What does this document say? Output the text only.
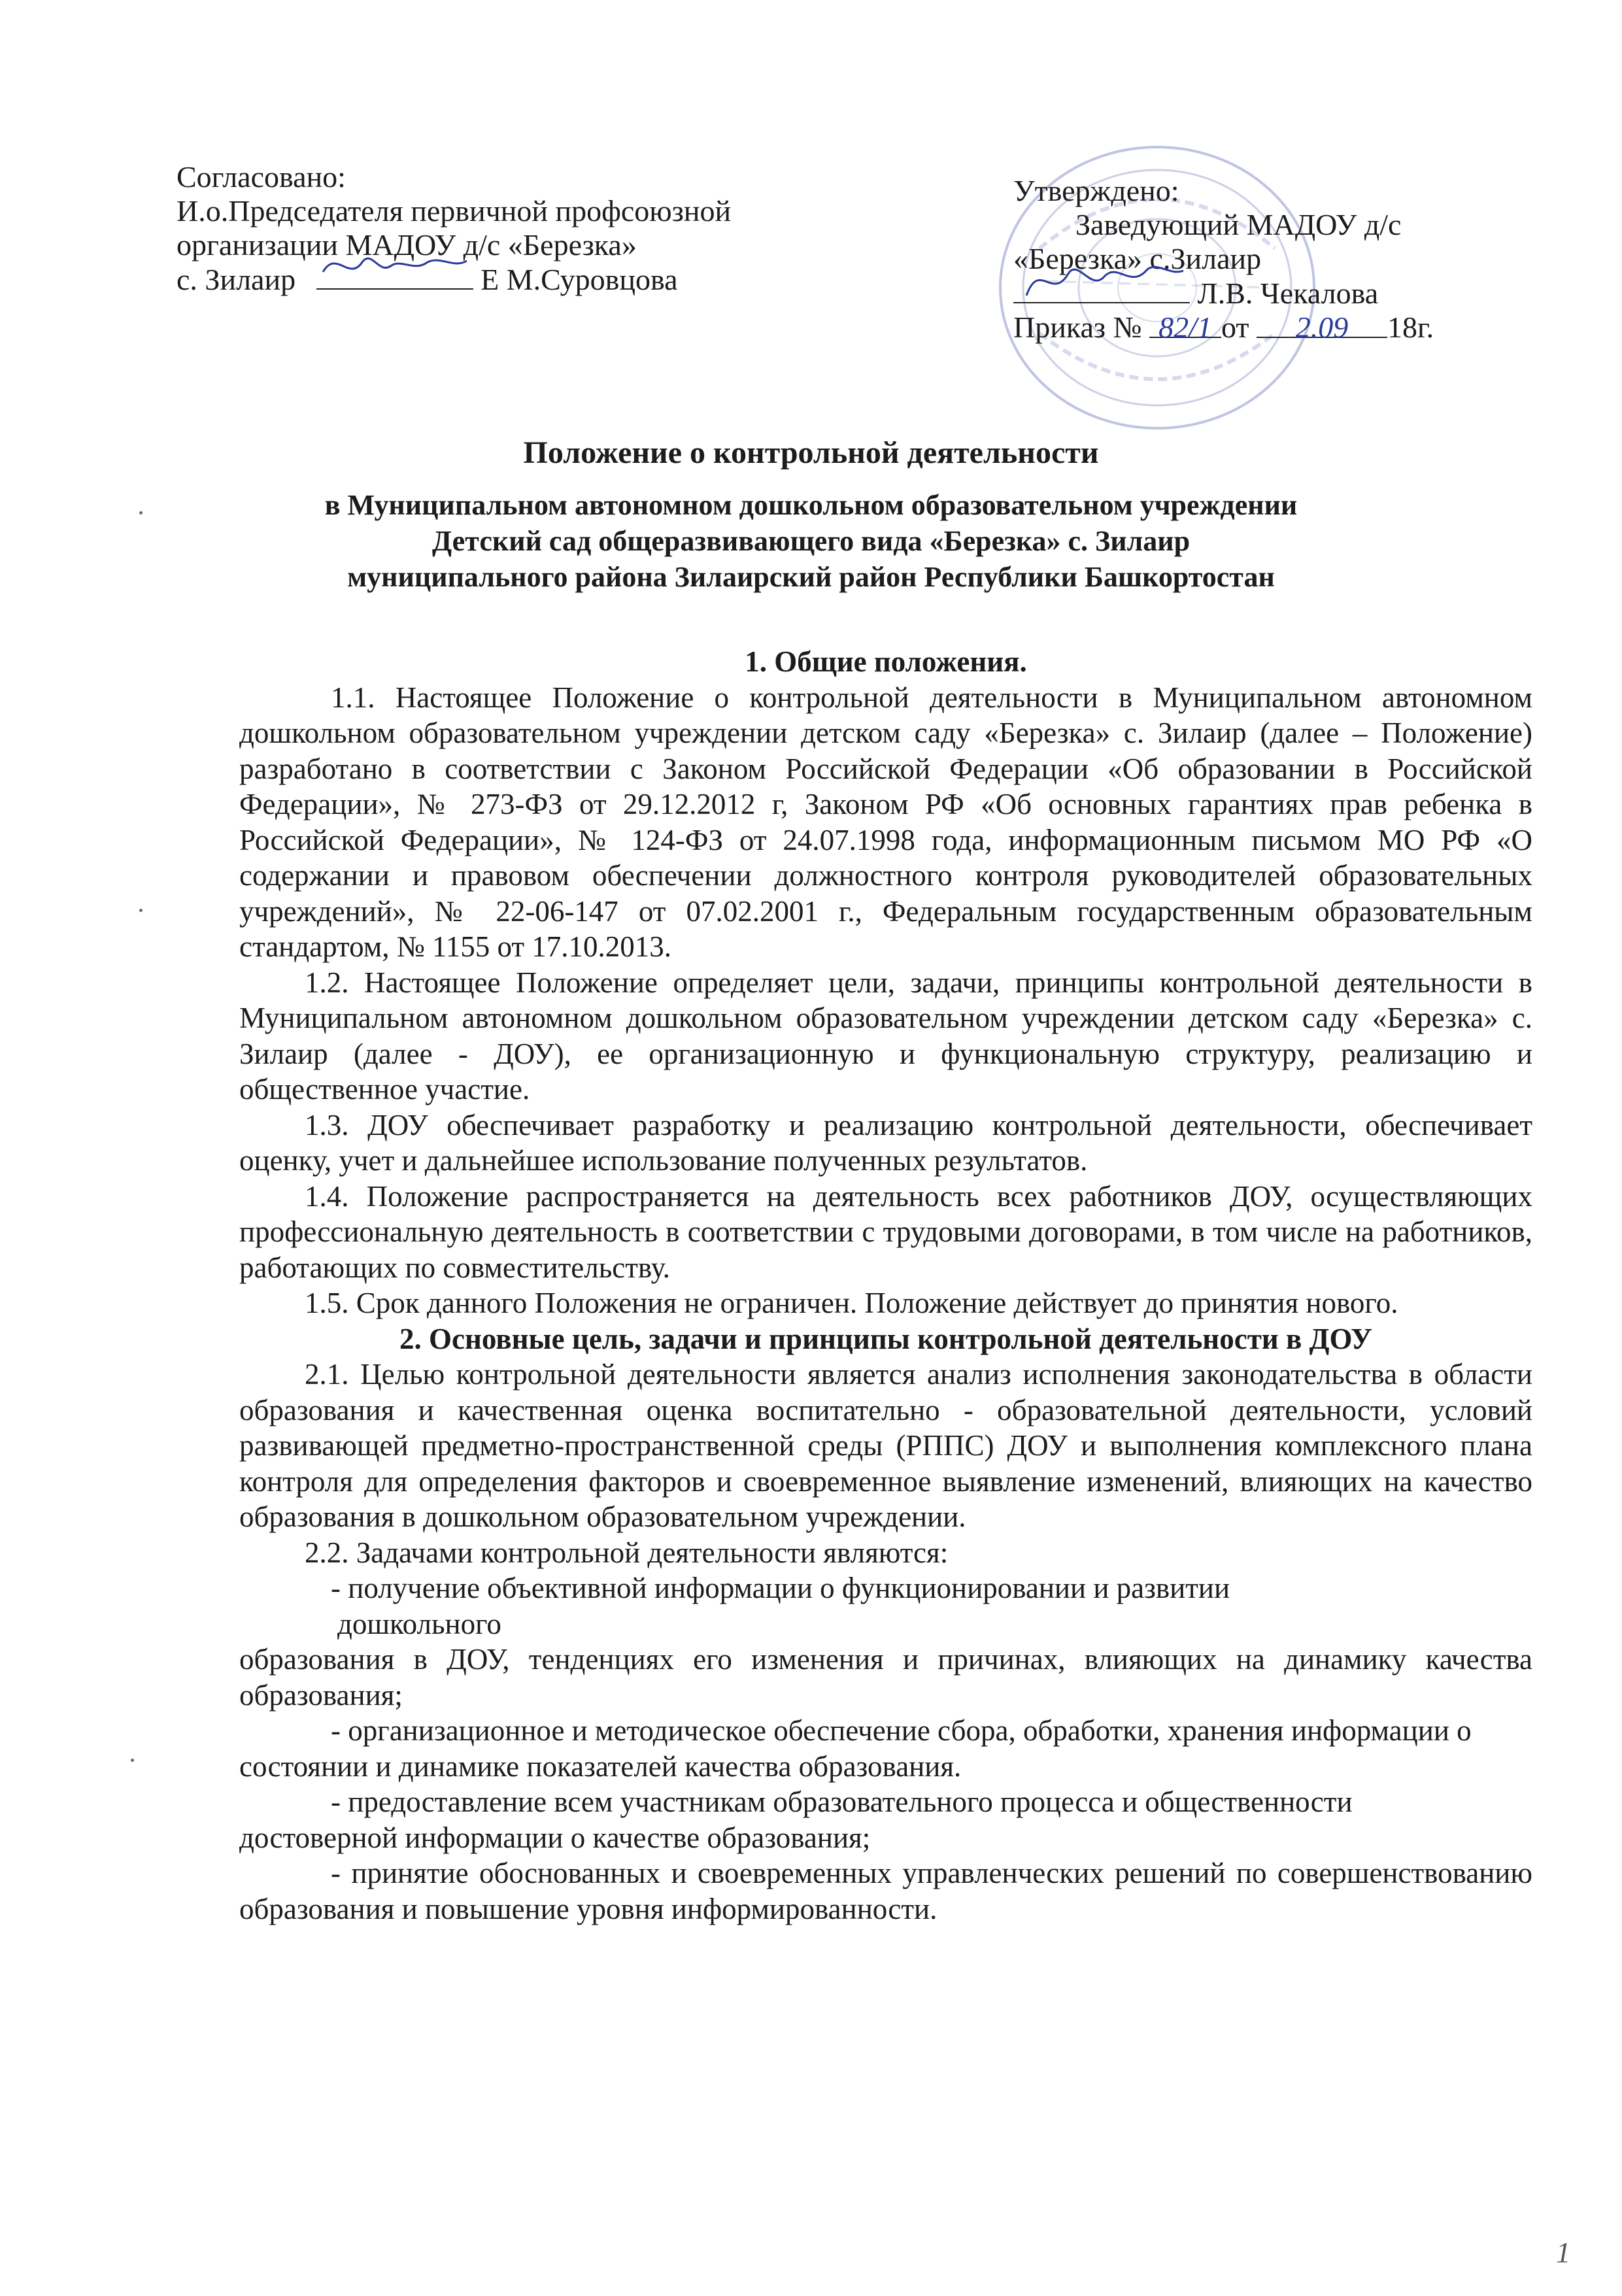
Согласовано:
И.о.Председателя первичной профсоюзной
организации МАДОУ д/с «Березка»
с. Зилаир	Е М.Суровцова
Утверждено:
Заведующий МАДОУ д/с
«Березка» с.Зилаир
Л.В. Чекалова
Приказ № 82/1 от 2.09 18г.
Положение о контрольной деятельности
в Муниципальном автономном дошкольном образовательном учреждении
Детский сад общеразвивающего вида «Березка» с. Зилаир
муниципального района Зилаирский район Республики Башкортостан

1. Общие положения.

1.1. Настоящее Положение о контрольной деятельности в Муниципальном автономном дошкольном образовательном учреждении детском саду «Березка» с. Зилаир (далее – Положение) разработано в соответствии с Законом Российской Федерации «Об образовании в Российской Федерации», № 273-ФЗ от 29.12.2012 г, Законом РФ «Об основных гарантиях прав ребенка в Российской Федерации», № 124-ФЗ от 24.07.1998 года, информационным письмом МО РФ «О содержании и правовом обеспечении должностного контроля руководителей образовательных учреждений», № 22-06-147 от 07.02.2001 г., Федеральным государственным образовательным стандартом, № 1155 от 17.10.2013.

1.2. Настоящее Положение определяет цели, задачи, принципы контрольной деятельности в Муниципальном автономном дошкольном образовательном учреждении детском саду «Березка» с. Зилаир (далее - ДОУ), ее организационную и функциональную структуру, реализацию и общественное участие.

1.3. ДОУ обеспечивает разработку и реализацию контрольной деятельности, обеспечивает оценку, учет и дальнейшее использование полученных результатов.

1.4. Положение распространяется на деятельность всех работников ДОУ, осуществляющих профессиональную деятельность в соответствии с трудовыми договорами, в том числе на работников, работающих по совместительству.

1.5. Срок данного Положения не ограничен. Положение действует до принятия нового.

2. Основные цель, задачи и принципы контрольной деятельности в ДОУ

2.1. Целью контрольной деятельности является анализ исполнения законодательства в области образования и качественная оценка воспитательно - образовательной деятельности, условий развивающей предметно-пространственной среды (РППС) ДОУ и выполнения комплексного плана контроля для определения факторов и своевременное выявление изменений, влияющих на качество образования в дошкольном образовательном учреждении.

2.2. Задачами контрольной деятельности являются:

- получение объективной информации о функционировании и развитии

дошкольного

образования в ДОУ, тенденциях его изменения и причинах, влияющих на динамику качества образования;

- организационное и методическое обеспечение сбора, обработки, хранения информации о

состоянии и динамике показателей качества образования.

- предоставление всем участникам образовательного процесса и общественности

достоверной информации о качестве образования;

- принятие обоснованных и своевременных управленческих решений по совершенствованию образования и повышение уровня информированности.

1
